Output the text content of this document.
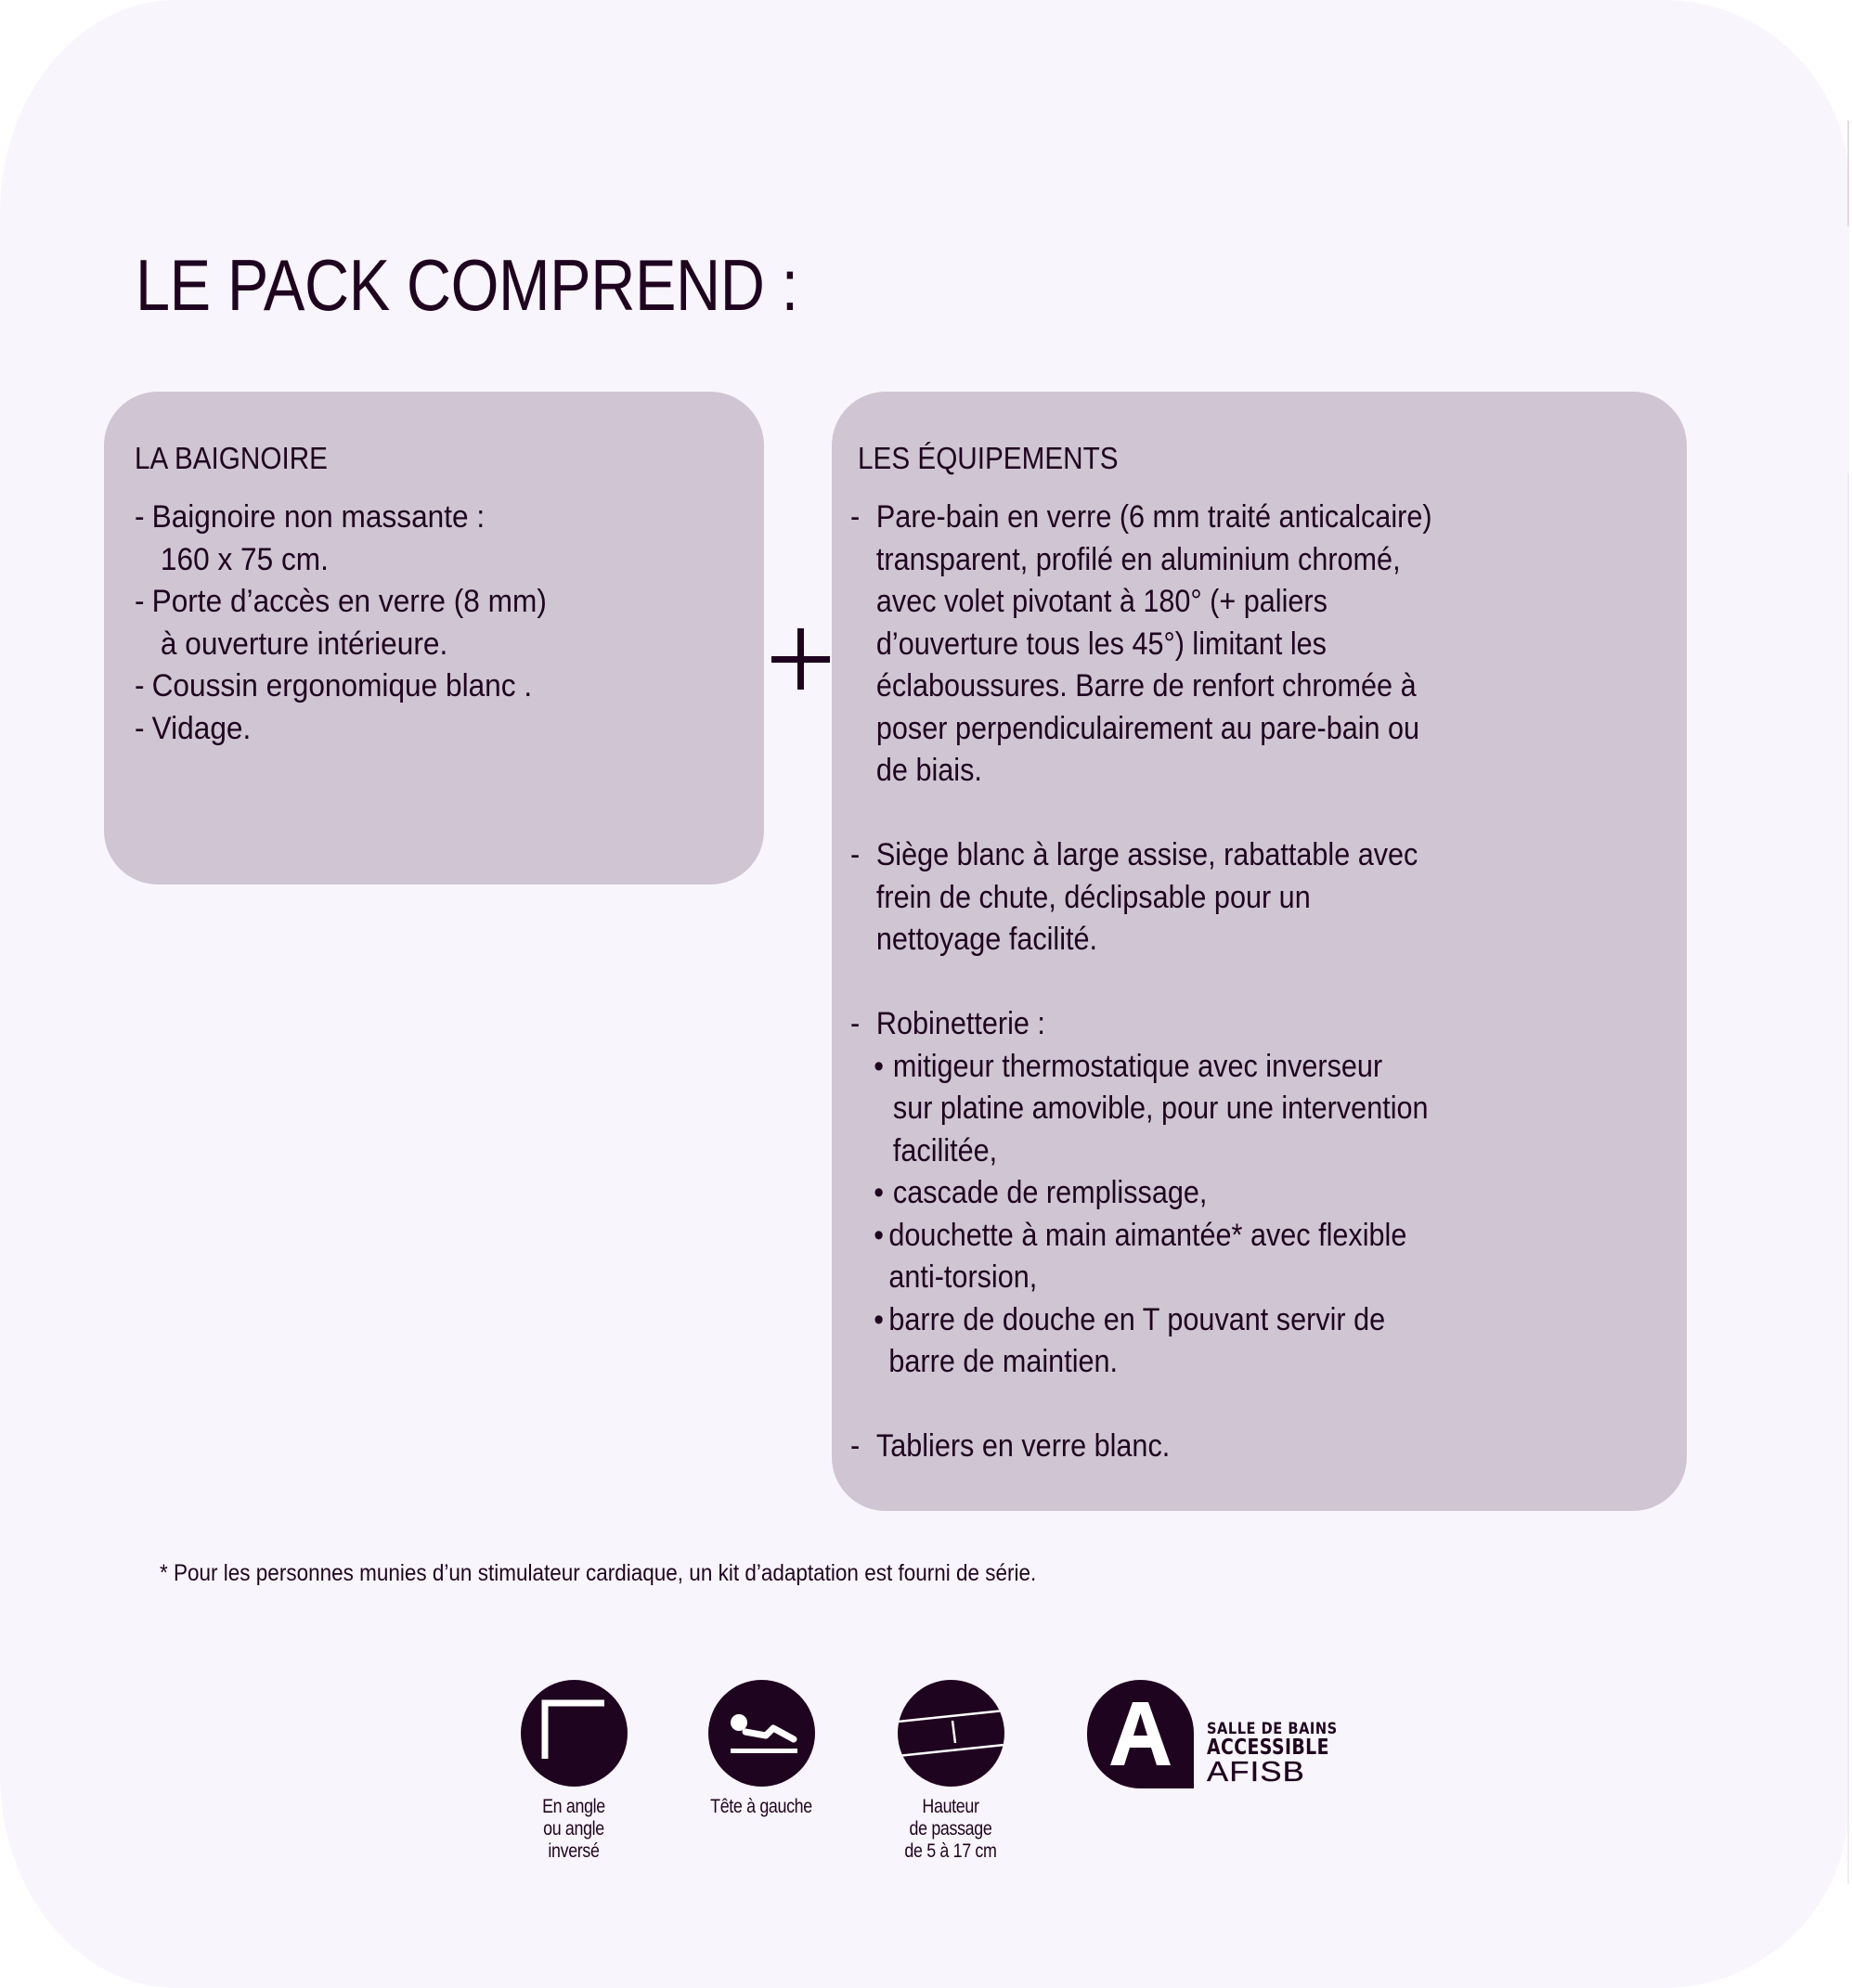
LE PACK COMPREND :
LA BAIGNOIRE
- Baignoire non massante :
160 x 75 cm.
- Porte d’accès en verre (8 mm)
à ouverture intérieure.
- Coussin ergonomique blanc .
- Vidage.
LES ÉQUIPEMENTS
- Pare-bain en verre (6 mm traité anticalcaire)
transparent, profilé en aluminium chromé,
avec volet pivotant à 180° (+ paliers
d’ouverture tous les 45°) limitant les
éclaboussures. Barre de renfort chromée à
poser perpendiculairement au pare-bain ou
de biais.
- Siège blanc à large assise, rabattable avec
frein de chute, déclipsable pour un
nettoyage facilité.
- Robinetterie :
• mitigeur thermostatique avec inverseur
sur platine amovible, pour une intervention
facilitée,
• cascade de remplissage,
• douchette à main aimantée* avec flexible
anti-torsion,
• barre de douche en T pouvant servir de
barre de maintien.
- Tabliers en verre blanc.
* Pour les personnes munies d’un stimulateur cardiaque, un kit d’adaptation est fourni de série.
En angle
ou angle
inversé
Tête à gauche	Hauteur
de passage
de 5 à 17 cm
SALLE DE BAINS
ACCESSIBLE
AFISB
